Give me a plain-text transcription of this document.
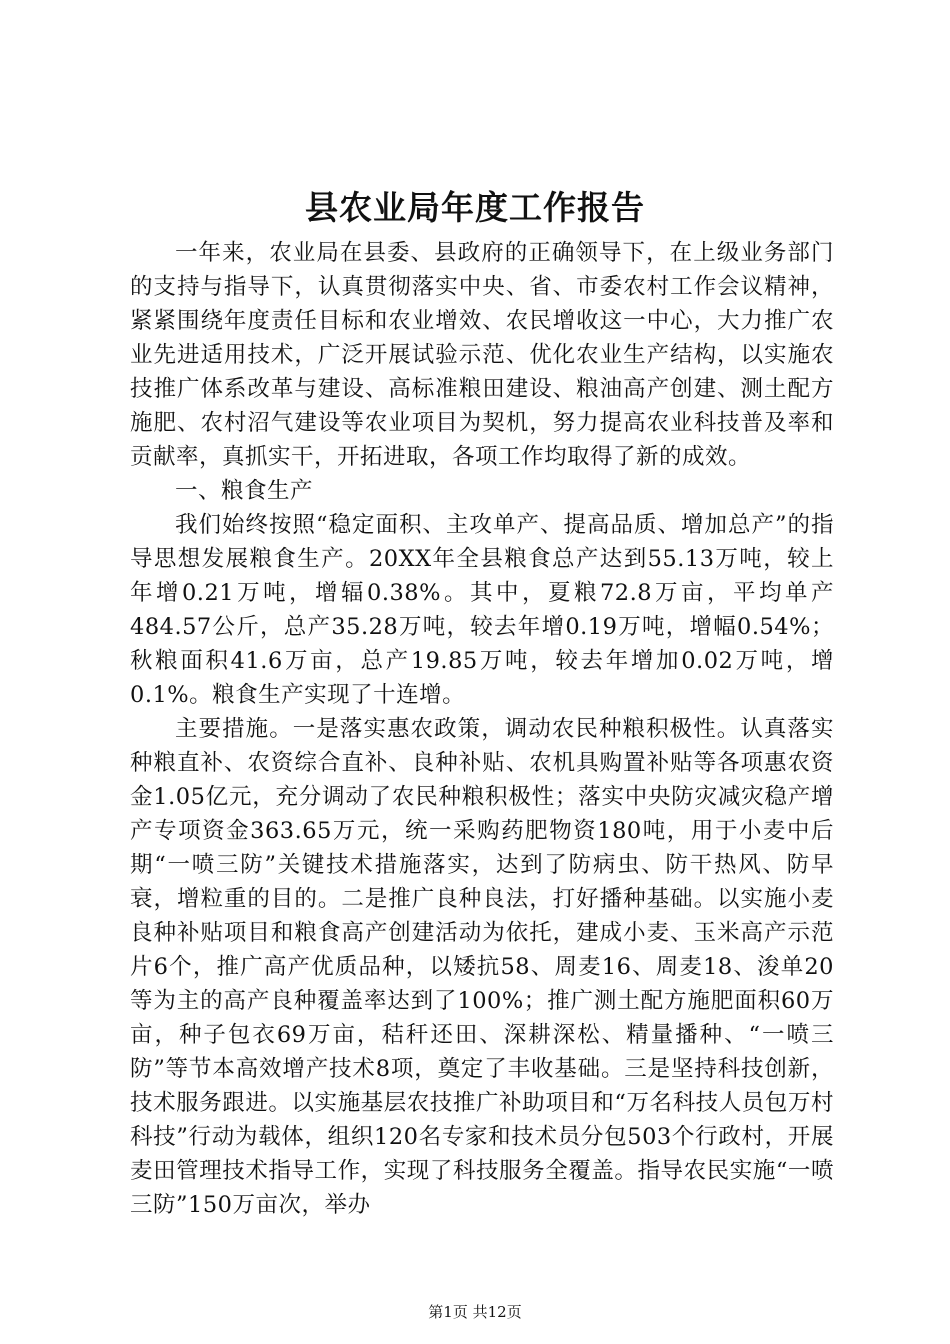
县农业局年度工作报告

一年来，农业局在县委、县政府的正确领导下，在上级业务部门的支持与指导下，认真贯彻落实中央、省、市委农村工作会议精神，紧紧围绕年度责任目标和农业增效、农民增收这一中心，大力推广农业先进适用技术，广泛开展试验示范、优化农业生产结构，以实施农技推广体系改革与建设、高标准粮田建设、粮油高产创建、测土配方施肥、农村沼气建设等农业项目为契机，努力提高农业科技普及率和贡献率，真抓实干，开拓进取，各项工作均取得了新的成效。

一、粮食生产

我们始终按照“稳定面积、主攻单产、提高品质、增加总产”的指导思想发展粮食生产。20XX年全县粮食总产达到55.13万吨，较上年增0.21万吨，增辐0.38%。其中，夏粮72.8万亩，平均单产484.57公斤，总产35.28万吨，较去年增0.19万吨，增幅0.54%；秋粮面积41.6万亩，总产19.85万吨，较去年增加0.02万吨，增0.1%。粮食生产实现了十连增。

主要措施。一是落实惠农政策，调动农民种粮积极性。认真落实种粮直补、农资综合直补、良种补贴、农机具购置补贴等各项惠农资金1.05亿元，充分调动了农民种粮积极性；落实中央防灾减灾稳产增产专项资金363.65万元，统一采购药肥物资180吨，用于小麦中后期“一喷三防”关键技术措施落实，达到了防病虫、防干热风、防早衰，增粒重的目的。二是推广良种良法，打好播种基础。以实施小麦良种补贴项目和粮食高产创建活动为依托，建成小麦、玉米高产示范片6个，推广高产优质品种，以矮抗58、周麦16、周麦18、浚单20等为主的高产良种覆盖率达到了100%；推广测土配方施肥面积60万亩，种子包衣69万亩，秸秆还田、深耕深松、精量播种、“一喷三防”等节本高效增产技术8项，奠定了丰收基础。三是坚持科技创新，技术服务跟进。以实施基层农技推广补助项目和“万名科技人员包万村科技”行动为载体，组织120名专家和技术员分包503个行政村，开展麦田管理技术指导工作，实现了科技服务全覆盖。指导农民实施“一喷三防”150万亩次，举办

第1页 共12页
